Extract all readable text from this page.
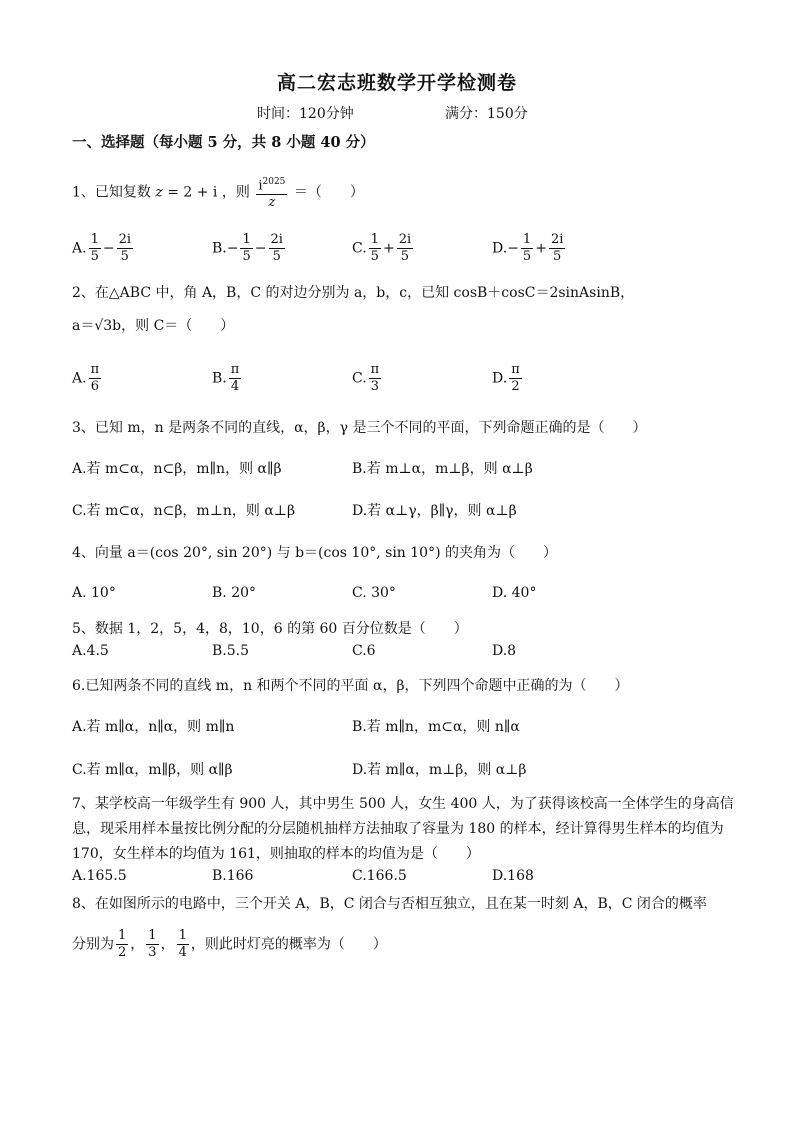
高二宏志班数学开学检测卷
时间：120分钟	满分：150分
一、选择题（每小题 5 分，共 8 小题 40 分）
1、已知复数 z = 2 + i ，则 $\frac{i^{2025}}{z}$ ＝（　　）
A. $\frac{1}{5} - \frac{2i}{5}$	$B.- \frac{1}{5} - \frac{2i}{5}$	C. $\frac{1}{5} + \frac{2i}{5}$	$D.- \frac{1}{5} + \frac{2i}{5}$
2、在△ABC 中，角 A，B，C 的对边分别为 a，b，c，已知 cosB＋cosC＝2sinAsinB，
a＝√3b，则 C＝（　　）
A. $\frac{\pi}{6}$	B. $\frac{\pi}{4}$	C. $\frac{\pi}{3}$	D. $\frac{\pi}{2}$
3、已知 m，n 是两条不同的直线，α，β，γ 是三个不同的平面，下列命题正确的是（　　）
A.若 m⊂α，n⊂β，m∥n，则 α∥β	B.若 m⊥α，m⊥β，则 α⊥β
C.若 m⊂α，n⊂β，m⊥n，则 α⊥β	D.若 α⊥γ，β∥γ，则 α⊥β
4、向量 a＝(cos 20°, sin 20°) 与 b＝(cos 10°, sin 10°) 的夹角为（　　）
A. 10°	B. 20°	C. 30°	D. 40°
5、数据 1，2，5，4，8，10，6 的第 60 百分位数是（　　）
A.4.5	B.5.5	C.6	D.8
6.已知两条不同的直线 m，n 和两个不同的平面 α，β，下列四个命题中正确的为（　　）
A.若 m∥α，n∥α，则 m∥n	B.若 m∥n，m⊂α，则 n∥α
C.若 m∥α，m∥β，则 α∥β	D.若 m∥α，m⊥β，则 α⊥β
7、某学校高一年级学生有 900 人，其中男生 500 人，女生 400 人，为了获得该校高一全体学生的身高信
息，现采用样本量按比例分配的分层随机抽样方法抽取了容量为 180 的样本，经计算得男生样本的均值为
170，女生样本的均值为 161，则抽取的样本的均值为是（　　）
A.165.5	B.166	C.166.5	D.168
8、在如图所示的电路中，三个开关 A，B，C 闭合与否相互独立，且在某一时刻 A，B，C 闭合的概率
分别为 $\frac{1}{2}$ ， $\frac{1}{3}$ ， $\frac{1}{4}$ ，则此时灯亮的概率为（　　）
